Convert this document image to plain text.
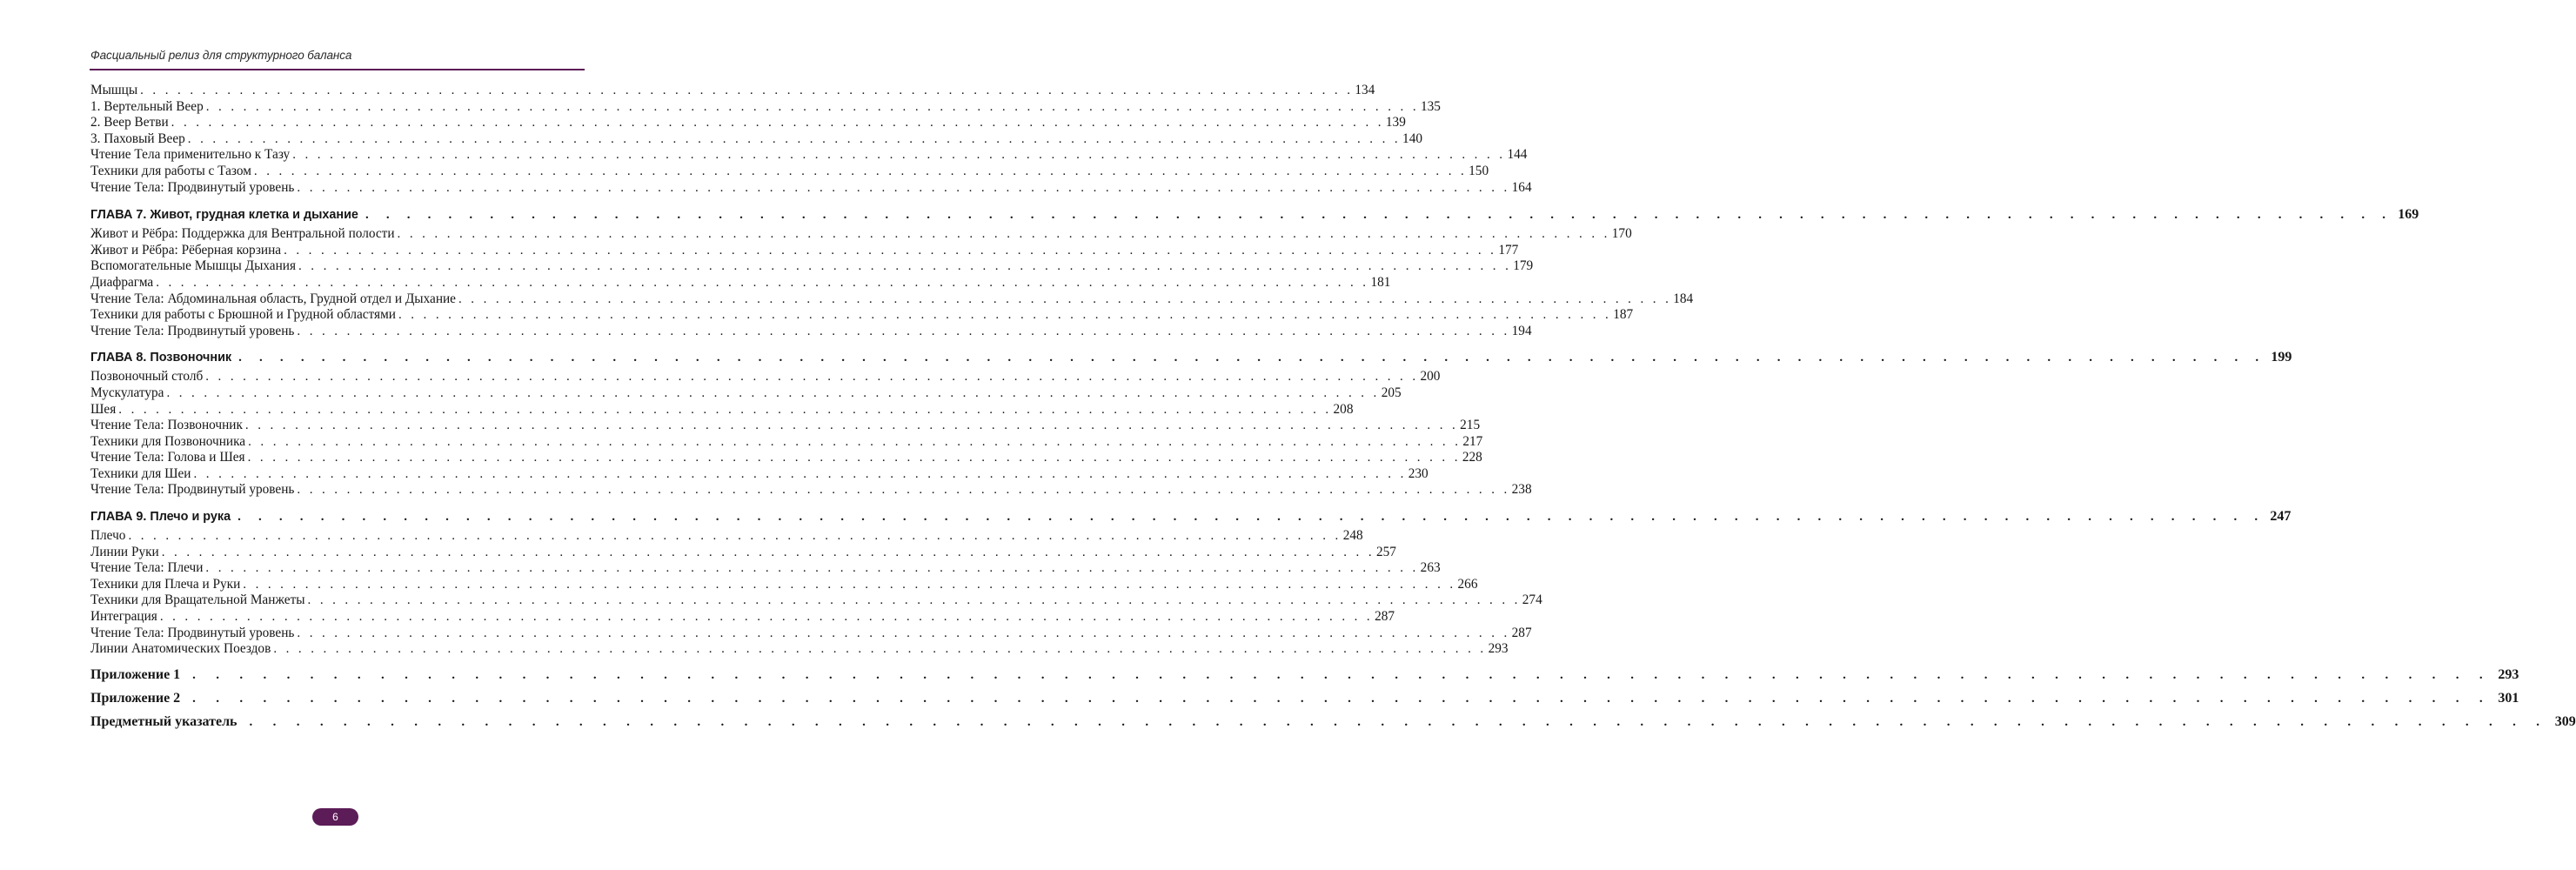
Фасциальный релиз для структурного баланса
Мышцы . . . . . . . . . . . . . . . . . . . . . . . . . . . . . . . . . . . . . . . . . . . . . . . . . . . . . . . . . . . . . . . . . . . . . . . . . . . . . . . . . . . . . . . . . . . . . . . . . . 134
1. Вертельный Веер . . . . . . . . . . . . . . . . . . . . . . . . . . . . . . . . . . . . . . . . . . . . . . . . . . . . . . . . . . . . . . . . . . . . . . . . . . . . . . . . . . . . . . . . . . . . . . . . . . 135
2. Веер Ветви . . . . . . . . . . . . . . . . . . . . . . . . . . . . . . . . . . . . . . . . . . . . . . . . . . . . . . . . . . . . . . . . . . . . . . . . . . . . . . . . . . . . . . . . . . . . . . . . . . 139
3. Паховый Веер . . . . . . . . . . . . . . . . . . . . . . . . . . . . . . . . . . . . . . . . . . . . . . . . . . . . . . . . . . . . . . . . . . . . . . . . . . . . . . . . . . . . . . . . . . . . . . . . . . 140
Чтение Тела применительно к Тазу . . . . . . . . . . . . . . . . . . . . . . . . . . . . . . . . . . . . . . . . . . . . . . . . . . . . . . . . . . . . . . . . . . . . . . . . . . . . . . . . . . . . . . . . . . . . . . . . . . 144
Техники для работы с Тазом . . . . . . . . . . . . . . . . . . . . . . . . . . . . . . . . . . . . . . . . . . . . . . . . . . . . . . . . . . . . . . . . . . . . . . . . . . . . . . . . . . . . . . . . . . . . . . . . . . 150
Чтение Тела: Продвинутый уровень . . . . . . . . . . . . . . . . . . . . . . . . . . . . . . . . . . . . . . . . . . . . . . . . . . . . . . . . . . . . . . . . . . . . . . . . . . . . . . . . . . . . . . . . . . . . . . . . . . 164
ГЛАВА 7. Живот, грудная клетка и дыхание . . . . . . . . . . . . . . . . . . . . . . . . . . . . . . . . . . . . . . . . . . . . . . . . . . . . . . . . . . . . . . . . . . . . . . . . . . . . . . . . . . . . . . . . . . . . . . . . . . 169
Живот и Рёбра: Поддержка для Вентральной полости . . . . . . . . . . . . . . . . . . . . . . . . . . . . . . . . . . . . . . . . . . . . . . . . . . . . . . . . . . . . . . . . . . . . . . . . . . . . . . . . . . . . . . . . . . . . . . . . . . 170
Живот и Рёбра: Рёберная корзина . . . . . . . . . . . . . . . . . . . . . . . . . . . . . . . . . . . . . . . . . . . . . . . . . . . . . . . . . . . . . . . . . . . . . . . . . . . . . . . . . . . . . . . . . . . . . . . . . . 177
Вспомогательные Мышцы Дыхания . . . . . . . . . . . . . . . . . . . . . . . . . . . . . . . . . . . . . . . . . . . . . . . . . . . . . . . . . . . . . . . . . . . . . . . . . . . . . . . . . . . . . . . . . . . . . . . . . . 179
Диафрагма . . . . . . . . . . . . . . . . . . . . . . . . . . . . . . . . . . . . . . . . . . . . . . . . . . . . . . . . . . . . . . . . . . . . . . . . . . . . . . . . . . . . . . . . . . . . . . . . . . 181
Чтение Тела: Абдоминальная область, Грудной отдел и Дыхание . . . . . . . . . . . . . . . . . . . . . . . . . . . . . . . . . . . . . . . . . . . . . . . . . . . . . . . . . . . . . . . . . . . . . . . . . . . . . . . . . . . . . . . . . . . . . . . . . . 184
Техники для работы с Брюшной и Грудной областями . . . . . . . . . . . . . . . . . . . . . . . . . . . . . . . . . . . . . . . . . . . . . . . . . . . . . . . . . . . . . . . . . . . . . . . . . . . . . . . . . . . . . . . . . . . . . . . . . . 187
Чтение Тела: Продвинутый уровень . . . . . . . . . . . . . . . . . . . . . . . . . . . . . . . . . . . . . . . . . . . . . . . . . . . . . . . . . . . . . . . . . . . . . . . . . . . . . . . . . . . . . . . . . . . . . . . . . . 194
ГЛАВА 8. Позвоночник . . . . . . . . . . . . . . . . . . . . . . . . . . . . . . . . . . . . . . . . . . . . . . . . . . . . . . . . . . . . . . . . . . . . . . . . . . . . . . . . . . . . . . . . . . . . . . . . . . 199
Позвоночный столб . . . . . . . . . . . . . . . . . . . . . . . . . . . . . . . . . . . . . . . . . . . . . . . . . . . . . . . . . . . . . . . . . . . . . . . . . . . . . . . . . . . . . . . . . . . . . . . . . . 200
Мускулатура . . . . . . . . . . . . . . . . . . . . . . . . . . . . . . . . . . . . . . . . . . . . . . . . . . . . . . . . . . . . . . . . . . . . . . . . . . . . . . . . . . . . . . . . . . . . . . . . . . 205
Шея . . . . . . . . . . . . . . . . . . . . . . . . . . . . . . . . . . . . . . . . . . . . . . . . . . . . . . . . . . . . . . . . . . . . . . . . . . . . . . . . . . . . . . . . . . . . . . . . . . 208
Чтение Тела: Позвоночник . . . . . . . . . . . . . . . . . . . . . . . . . . . . . . . . . . . . . . . . . . . . . . . . . . . . . . . . . . . . . . . . . . . . . . . . . . . . . . . . . . . . . . . . . . . . . . . . . . 215
Техники для Позвоночника . . . . . . . . . . . . . . . . . . . . . . . . . . . . . . . . . . . . . . . . . . . . . . . . . . . . . . . . . . . . . . . . . . . . . . . . . . . . . . . . . . . . . . . . . . . . . . . . . . 217
Чтение Тела: Голова и Шея . . . . . . . . . . . . . . . . . . . . . . . . . . . . . . . . . . . . . . . . . . . . . . . . . . . . . . . . . . . . . . . . . . . . . . . . . . . . . . . . . . . . . . . . . . . . . . . . . . 228
Техники для Шеи . . . . . . . . . . . . . . . . . . . . . . . . . . . . . . . . . . . . . . . . . . . . . . . . . . . . . . . . . . . . . . . . . . . . . . . . . . . . . . . . . . . . . . . . . . . . . . . . . . 230
Чтение Тела: Продвинутый уровень . . . . . . . . . . . . . . . . . . . . . . . . . . . . . . . . . . . . . . . . . . . . . . . . . . . . . . . . . . . . . . . . . . . . . . . . . . . . . . . . . . . . . . . . . . . . . . . . . . 238
ГЛАВА 9. Плечо и рука . . . . . . . . . . . . . . . . . . . . . . . . . . . . . . . . . . . . . . . . . . . . . . . . . . . . . . . . . . . . . . . . . . . . . . . . . . . . . . . . . . . . . . . . . . . . . . . . . . 247
Плечо . . . . . . . . . . . . . . . . . . . . . . . . . . . . . . . . . . . . . . . . . . . . . . . . . . . . . . . . . . . . . . . . . . . . . . . . . . . . . . . . . . . . . . . . . . . . . . . . . . 248
Линии Руки . . . . . . . . . . . . . . . . . . . . . . . . . . . . . . . . . . . . . . . . . . . . . . . . . . . . . . . . . . . . . . . . . . . . . . . . . . . . . . . . . . . . . . . . . . . . . . . . . . 257
Чтение Тела: Плечи . . . . . . . . . . . . . . . . . . . . . . . . . . . . . . . . . . . . . . . . . . . . . . . . . . . . . . . . . . . . . . . . . . . . . . . . . . . . . . . . . . . . . . . . . . . . . . . . . . 263
Техники для Плеча и Руки . . . . . . . . . . . . . . . . . . . . . . . . . . . . . . . . . . . . . . . . . . . . . . . . . . . . . . . . . . . . . . . . . . . . . . . . . . . . . . . . . . . . . . . . . . . . . . . . . . 266
Техники для Вращательной Манжеты . . . . . . . . . . . . . . . . . . . . . . . . . . . . . . . . . . . . . . . . . . . . . . . . . . . . . . . . . . . . . . . . . . . . . . . . . . . . . . . . . . . . . . . . . . . . . . . . . . 274
Интеграция . . . . . . . . . . . . . . . . . . . . . . . . . . . . . . . . . . . . . . . . . . . . . . . . . . . . . . . . . . . . . . . . . . . . . . . . . . . . . . . . . . . . . . . . . . . . . . . . . . 287
Чтение Тела: Продвинутый уровень . . . . . . . . . . . . . . . . . . . . . . . . . . . . . . . . . . . . . . . . . . . . . . . . . . . . . . . . . . . . . . . . . . . . . . . . . . . . . . . . . . . . . . . . . . . . . . . . . . 287
Линии Анатомических Поездов . . . . . . . . . . . . . . . . . . . . . . . . . . . . . . . . . . . . . . . . . . . . . . . . . . . . . . . . . . . . . . . . . . . . . . . . . . . . . . . . . . . . . . . . . . . . . . . . . . 293
Приложение 1 . . . . . . . . . . . . . . . . . . . . . . . . . . . . . . . . . . . . . . . . . . . . . . . . . . . . . . . . . . . . . . . . . . . . . . . . . . . . . . . . . . . . . . . . . . . . . . . . . . 293
Приложение 2 . . . . . . . . . . . . . . . . . . . . . . . . . . . . . . . . . . . . . . . . . . . . . . . . . . . . . . . . . . . . . . . . . . . . . . . . . . . . . . . . . . . . . . . . . . . . . . . . . . 301
Предметный указатель . . . . . . . . . . . . . . . . . . . . . . . . . . . . . . . . . . . . . . . . . . . . . . . . . . . . . . . . . . . . . . . . . . . . . . . . . . . . . . . . . . . . . . . . . . . . . . . . . . 309
6
